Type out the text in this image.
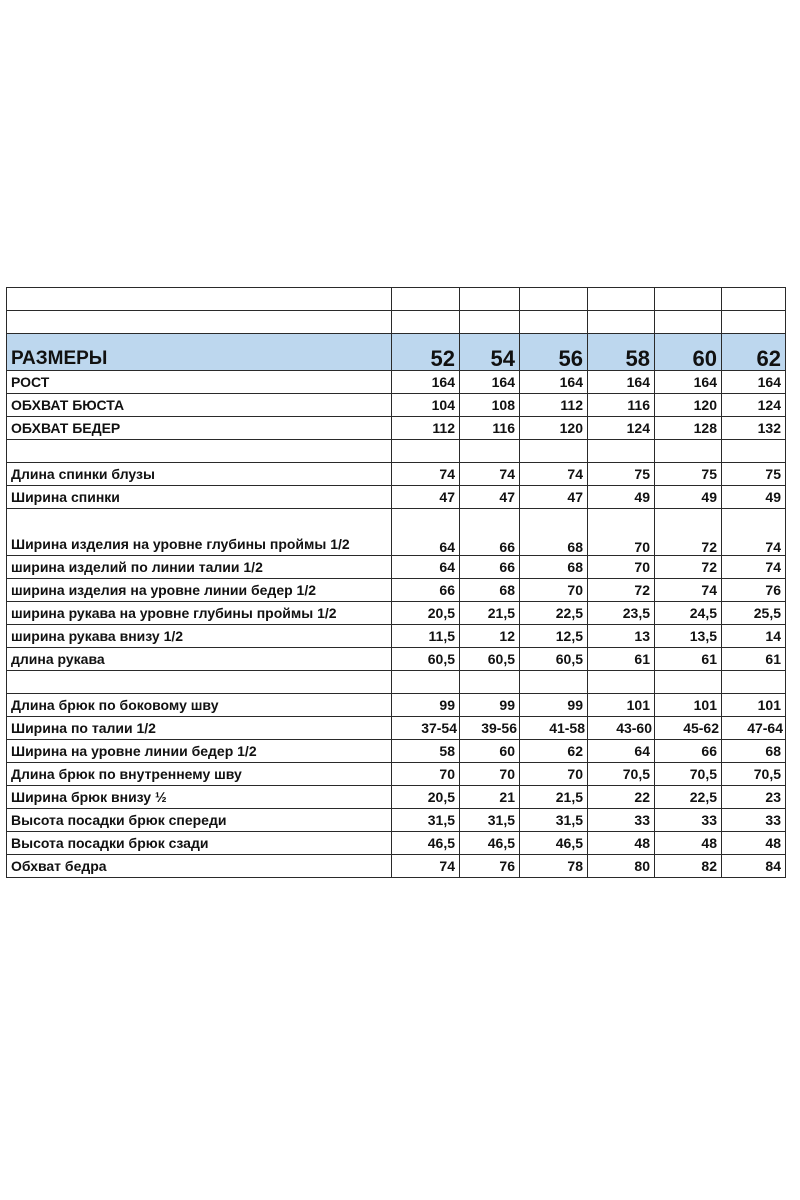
РАЗМЕРЫ	52	54	56	58	60	62
РОСТ	164	164	164	164	164	164
ОБХВАТ БЮСТА	104	108	112	116	120	124
ОБХВАТ БЕДЕР	112	116	120	124	128	132

Длина спинки блузы	74	74	74	75	75	75
Ширина спинки	47	47	47	49	49	49
Ширина изделия на уровне глубины проймы 1/2	64	66	68	70	72	74
ширина изделий по линии талии 1/2	64	66	68	70	72	74
ширина изделия на уровне линии бедер 1/2	66	68	70	72	74	76
ширина рукава на уровне глубины проймы 1/2	20,5	21,5	22,5	23,5	24,5	25,5
ширина рукава внизу 1/2	11,5	12	12,5	13	13,5	14
длина рукава	60,5	60,5	60,5	61	61	61

Длина брюк по боковому шву	99	99	99	101	101	101
Ширина по талии 1/2	37-54	39-56	41-58	43-60	45-62	47-64
Ширина на уровне линии бедер 1/2	58	60	62	64	66	68
Длина брюк по внутреннему шву	70	70	70	70,5	70,5	70,5
Ширина брюк внизу ½	20,5	21	21,5	22	22,5	23
Высота посадки брюк спереди	31,5	31,5	31,5	33	33	33
Высота посадки брюк сзади	46,5	46,5	46,5	48	48	48
Обхват бедра	74	76	78	80	82	84
